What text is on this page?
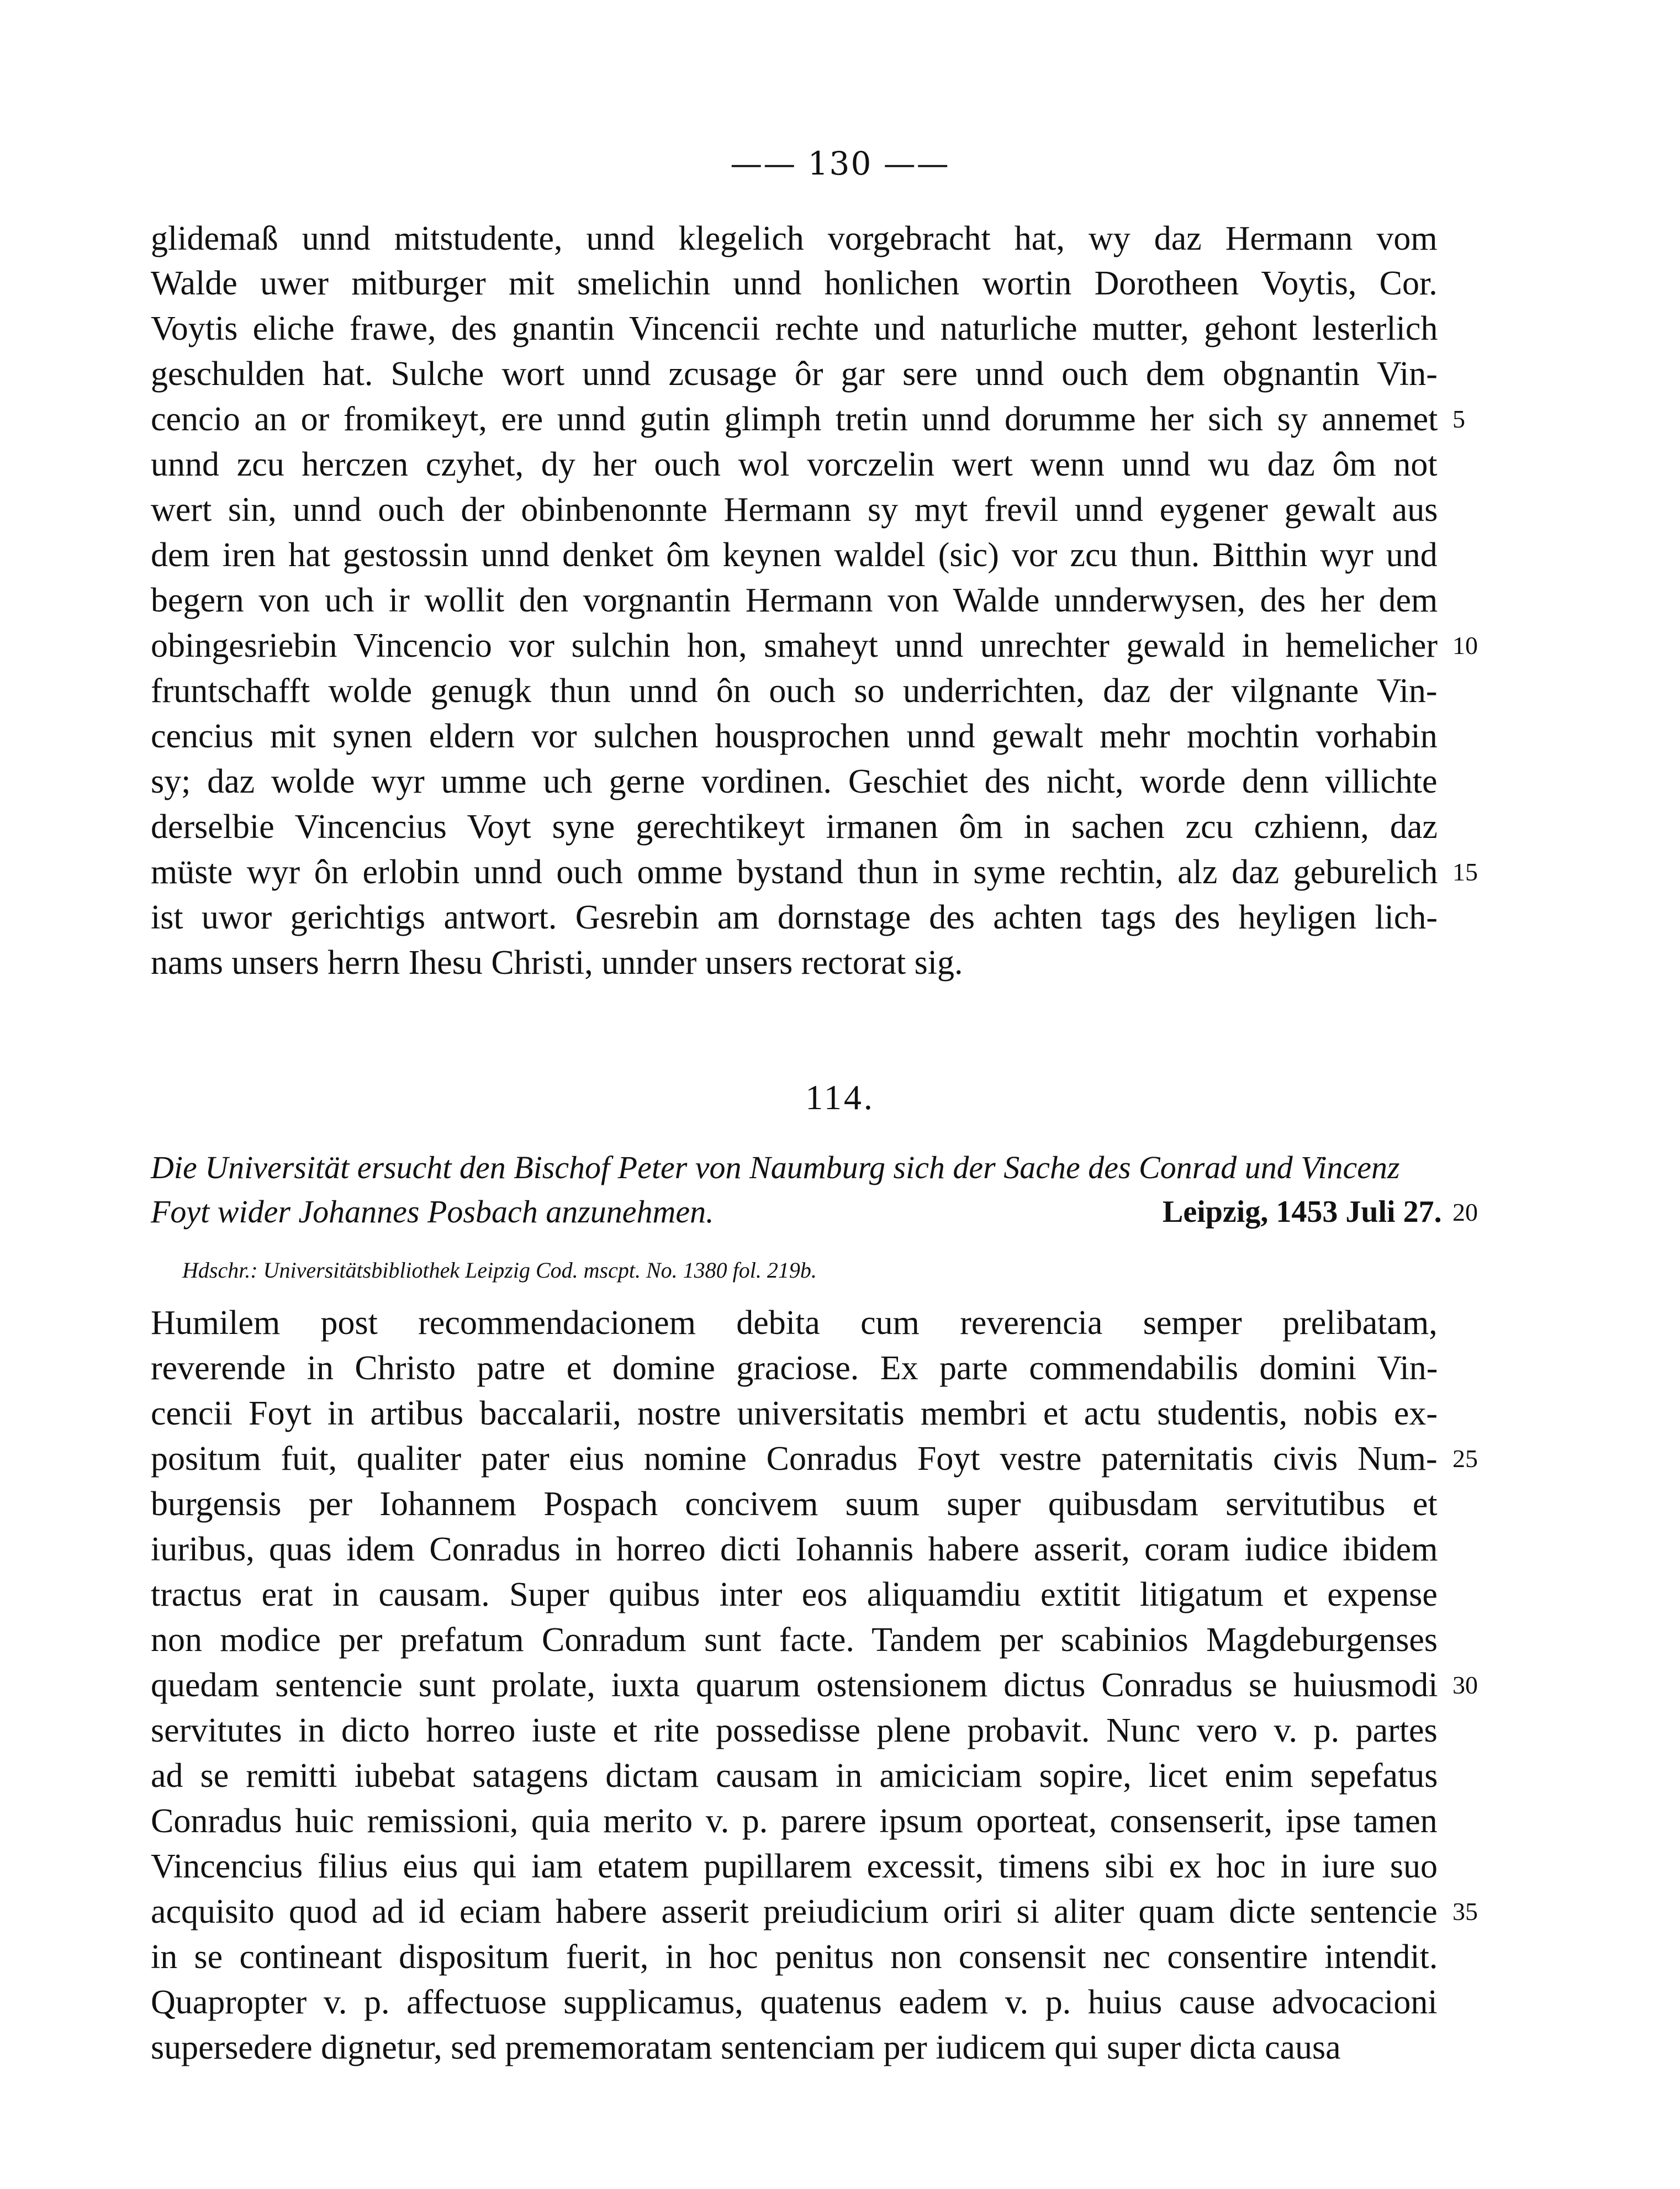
—— 130 ——
glidemaß unnd mitstudente, unnd klegelich vorgebracht hat, wy daz Hermann vom
Walde uwer mitburger mit smelichin unnd honlichen wortin Dorotheen Voytis, Cor.
Voytis eliche frawe, des gnantin Vincencii rechte und naturliche mutter, gehont lesterlich
geschulden hat. Sulche wort unnd zcusage ôr gar sere unnd ouch dem obgnantin Vin-
cencio an or fromikeyt, ere unnd gutin glimph tretin unnd dorumme her sich sy annemet 5
unnd zcu herczen czyhet, dy her ouch wol vorczelin wert wenn unnd wu daz ôm not
wert sin, unnd ouch der obinbenonnte Hermann sy myt frevil unnd eygener gewalt aus
dem iren hat gestossin unnd denket ôm keynen waldel (sic) vor zcu thun. Bitthin wyr und
begern von uch ir wollit den vorgnantin Hermann von Walde unnderwysen, des her dem
obingesriebin Vincencio vor sulchin hon, smaheyt unnd unrechter gewald in hemelicher 10
fruntschafft wolde genugk thun unnd ôn ouch so underrichten, daz der vilgnante Vin-
cencius mit synen eldern vor sulchen housprochen unnd gewalt mehr mochtin vorhabin
sy; daz wolde wyr umme uch gerne vordinen. Geschiet des nicht, worde denn villichte
derselbie Vincencius Voyt syne gerechtikeyt irmanen ôm in sachen zcu czhienn, daz
müste wyr ôn erlobin unnd ouch omme bystand thun in syme rechtin, alz daz geburelich 15
ist uwor gerichtigs antwort. Gesrebin am dornstage des achten tags des heyligen lich-
nams unsers herrn Ihesu Christi, unnder unsers rectorat sig.
114.
Die Universität ersucht den Bischof Peter von Naumburg sich der Sache des Conrad und Vincenz
Foyt wider Johannes Posbach anzunehmen.	Leipzig, 1453 Juli 27. 20
Hdschr.: Universitätsbibliothek Leipzig Cod. mscpt. No. 1380 fol. 219b.
Humilem post recommendacionem debita cum reverencia semper prelibatam,
reverende in Christo patre et domine graciose. Ex parte commendabilis domini Vin-
cencii Foyt in artibus baccalarii, nostre universitatis membri et actu studentis, nobis ex-
positum fuit, qualiter pater eius nomine Conradus Foyt vestre paternitatis civis Num- 25
burgensis per Iohannem Pospach concivem suum super quibusdam servitutibus et
iuribus, quas idem Conradus in horreo dicti Iohannis habere asserit, coram iudice ibidem
tractus erat in causam. Super quibus inter eos aliquamdiu extitit litigatum et expense
non modice per prefatum Conradum sunt facte. Tandem per scabinios Magdeburgenses
quedam sentencie sunt prolate, iuxta quarum ostensionem dictus Conradus se huiusmodi 30
servitutes in dicto horreo iuste et rite possedisse plene probavit. Nunc vero v. p. partes
ad se remitti iubebat satagens dictam causam in amiciciam sopire, licet enim sepefatus
Conradus huic remissioni, quia merito v. p. parere ipsum oporteat, consenserit, ipse tamen
Vincencius filius eius qui iam etatem pupillarem excessit, timens sibi ex hoc in iure suo
acquisito quod ad id eciam habere asserit preiudicium oriri si aliter quam dicte sentencie 35
in se contineant dispositum fuerit, in hoc penitus non consensit nec consentire intendit.
Quapropter v. p. affectuose supplicamus, quatenus eadem v. p. huius cause advocacioni
supersedere dignetur, sed prememoratam sentenciam per iudicem qui super dicta causa
